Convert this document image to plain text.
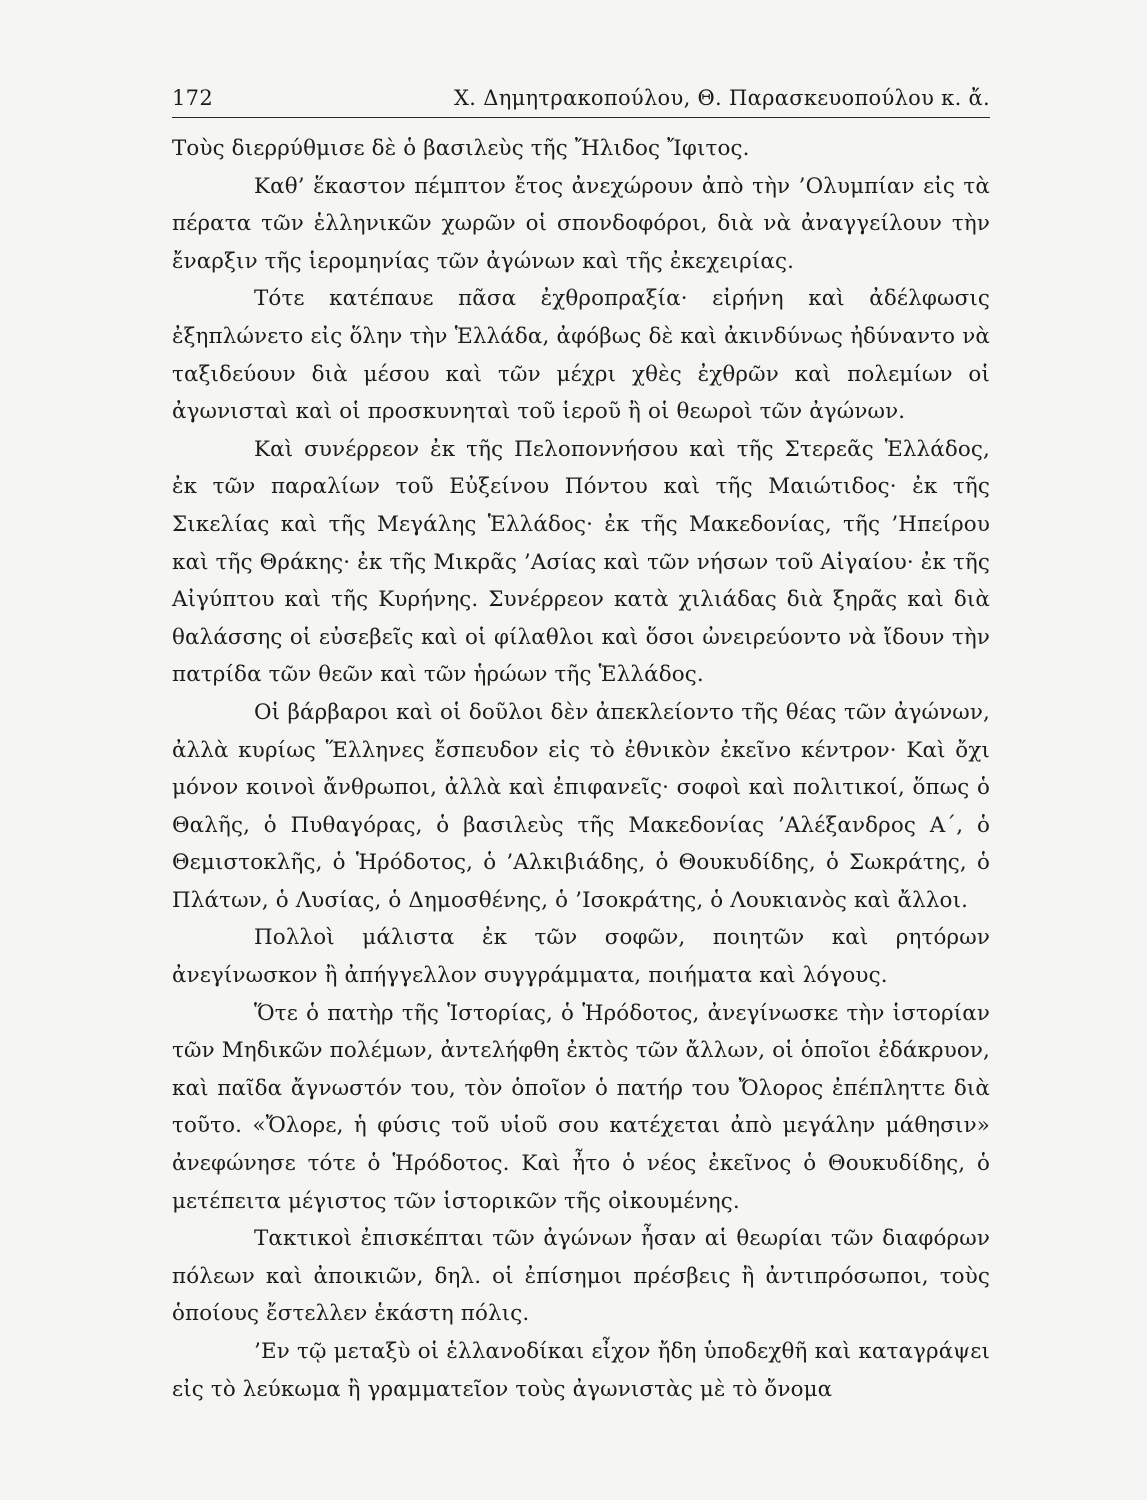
172	Χ. Δημητρακοπούλου, Θ. Παρασκευοπούλου κ. ἄ.

Τοὺς διερρύθμισε δὲ ὁ βασιλεὺς τῆς Ἤλιδος Ἴφιτος.

Καθ’ ἕκαστον πέμπτον ἔτος ἀνεχώρουν ἀπὸ τὴν ’Ολυμπίαν εἰς τὰ πέρατα τῶν ἑλληνικῶν χωρῶν οἱ σπονδοφόροι, διὰ νὰ ἀναγγείλουν τὴν ἔναρξιν τῆς ἱερομηνίας τῶν ἀγώνων καὶ τῆς ἐκεχειρίας.

Τότε κατέπαυε πᾶσα ἐχθροπραξία· εἰρήνη καὶ ἀδέλφωσις ἐξηπλώνετο εἰς ὅλην τὴν Ἑλλάδα, ἀφόβως δὲ καὶ ἀκινδύνως ἠδύναντο νὰ ταξιδεύουν διὰ μέσου καὶ τῶν μέχρι χθὲς ἐχθρῶν καὶ πολεμίων οἱ ἀγωνισταὶ καὶ οἱ προσκυνηταὶ τοῦ ἱεροῦ ἢ οἱ θεωροὶ τῶν ἀγώνων.

Καὶ συνέρρεον ἐκ τῆς Πελοποννήσου καὶ τῆς Στερεᾶς Ἑλλάδος, ἐκ τῶν παραλίων τοῦ Εὐξείνου Πόντου καὶ τῆς Μαιώτιδος· ἐκ τῆς Σικελίας καὶ τῆς Μεγάλης Ἑλλάδος· ἐκ τῆς Μακεδονίας, τῆς ’Ηπείρου καὶ τῆς Θράκης· ἐκ τῆς Μικρᾶς ’Ασίας καὶ τῶν νήσων τοῦ Αἰγαίου· ἐκ τῆς Αἰγύπτου καὶ τῆς Κυρήνης. Συνέρρεον κατὰ χιλιάδας διὰ ξηρᾶς καὶ διὰ θαλάσσης οἱ εὐσεβεῖς καὶ οἱ φίλαθλοι καὶ ὅσοι ὠνειρεύοντο νὰ ἴδουν τὴν πατρίδα τῶν θεῶν καὶ τῶν ἡρώων τῆς Ἑλλάδος.

Οἱ βάρβαροι καὶ οἱ δοῦλοι δὲν ἀπεκλείοντο τῆς θέας τῶν ἀγώνων, ἀλλὰ κυρίως Ἕλληνες ἔσπευδον εἰς τὸ ἐθνικὸν ἐκεῖνο κέντρον· Καὶ ὄχι μόνον κοινοὶ ἄνθρωποι, ἀλλὰ καὶ ἐπιφανεῖς· σοφοὶ καὶ πολιτικοί, ὅπως ὁ Θαλῆς, ὁ Πυθαγόρας, ὁ βασιλεὺς τῆς Μακεδονίας ’Αλέξανδρος Α΄, ὁ Θεμιστοκλῆς, ὁ Ἡρόδοτος, ὁ ’Αλκιβιάδης, ὁ Θουκυδίδης, ὁ Σωκράτης, ὁ Πλάτων, ὁ Λυσίας, ὁ Δημοσθένης, ὁ ’Ισοκράτης, ὁ Λουκιανὸς καὶ ἄλλοι.

Πολλοὶ μάλιστα ἐκ τῶν σοφῶν, ποιητῶν καὶ ρητόρων ἀνεγίνωσκον ἢ ἀπήγγελλον συγγράμματα, ποιήματα καὶ λόγους.

Ὅτε ὁ πατὴρ τῆς Ἱστορίας, ὁ Ἡρόδοτος, ἀνεγίνωσκε τὴν ἱστορίαν τῶν Μηδικῶν πολέμων, ἀντελήφθη ἐκτὸς τῶν ἄλλων, οἱ ὁποῖοι ἐδάκρυον, καὶ παῖδα ἄγνωστόν του, τὸν ὁποῖον ὁ πατήρ του Ὄλορος ἐπέπληττε διὰ τοῦτο. «Ὄλορε, ἡ φύσις τοῦ υἱοῦ σου κατέχεται ἀπὸ μεγάλην μάθησιν» ἀνεφώνησε τότε ὁ Ἡρόδοτος. Καὶ ἦτο ὁ νέος ἐκεῖνος ὁ Θουκυδίδης, ὁ μετέπειτα μέγιστος τῶν ἱστορικῶν τῆς οἰκουμένης.

Τακτικοὶ ἐπισκέπται τῶν ἀγώνων ἦσαν αἱ θεωρίαι τῶν διαφόρων πόλεων καὶ ἀποικιῶν, δηλ. οἱ ἐπίσημοι πρέσβεις ἢ ἀντιπρόσωποι, τοὺς ὁποίους ἔστελλεν ἑκάστη πόλις.

’Εν τῷ μεταξὺ οἱ ἑλλανοδίκαι εἶχον ἤδη ὑποδεχθῆ καὶ καταγράψει εἰς τὸ λεύκωμα ἢ γραμματεῖον τοὺς ἀγωνιστὰς μὲ τὸ ὄνομα
